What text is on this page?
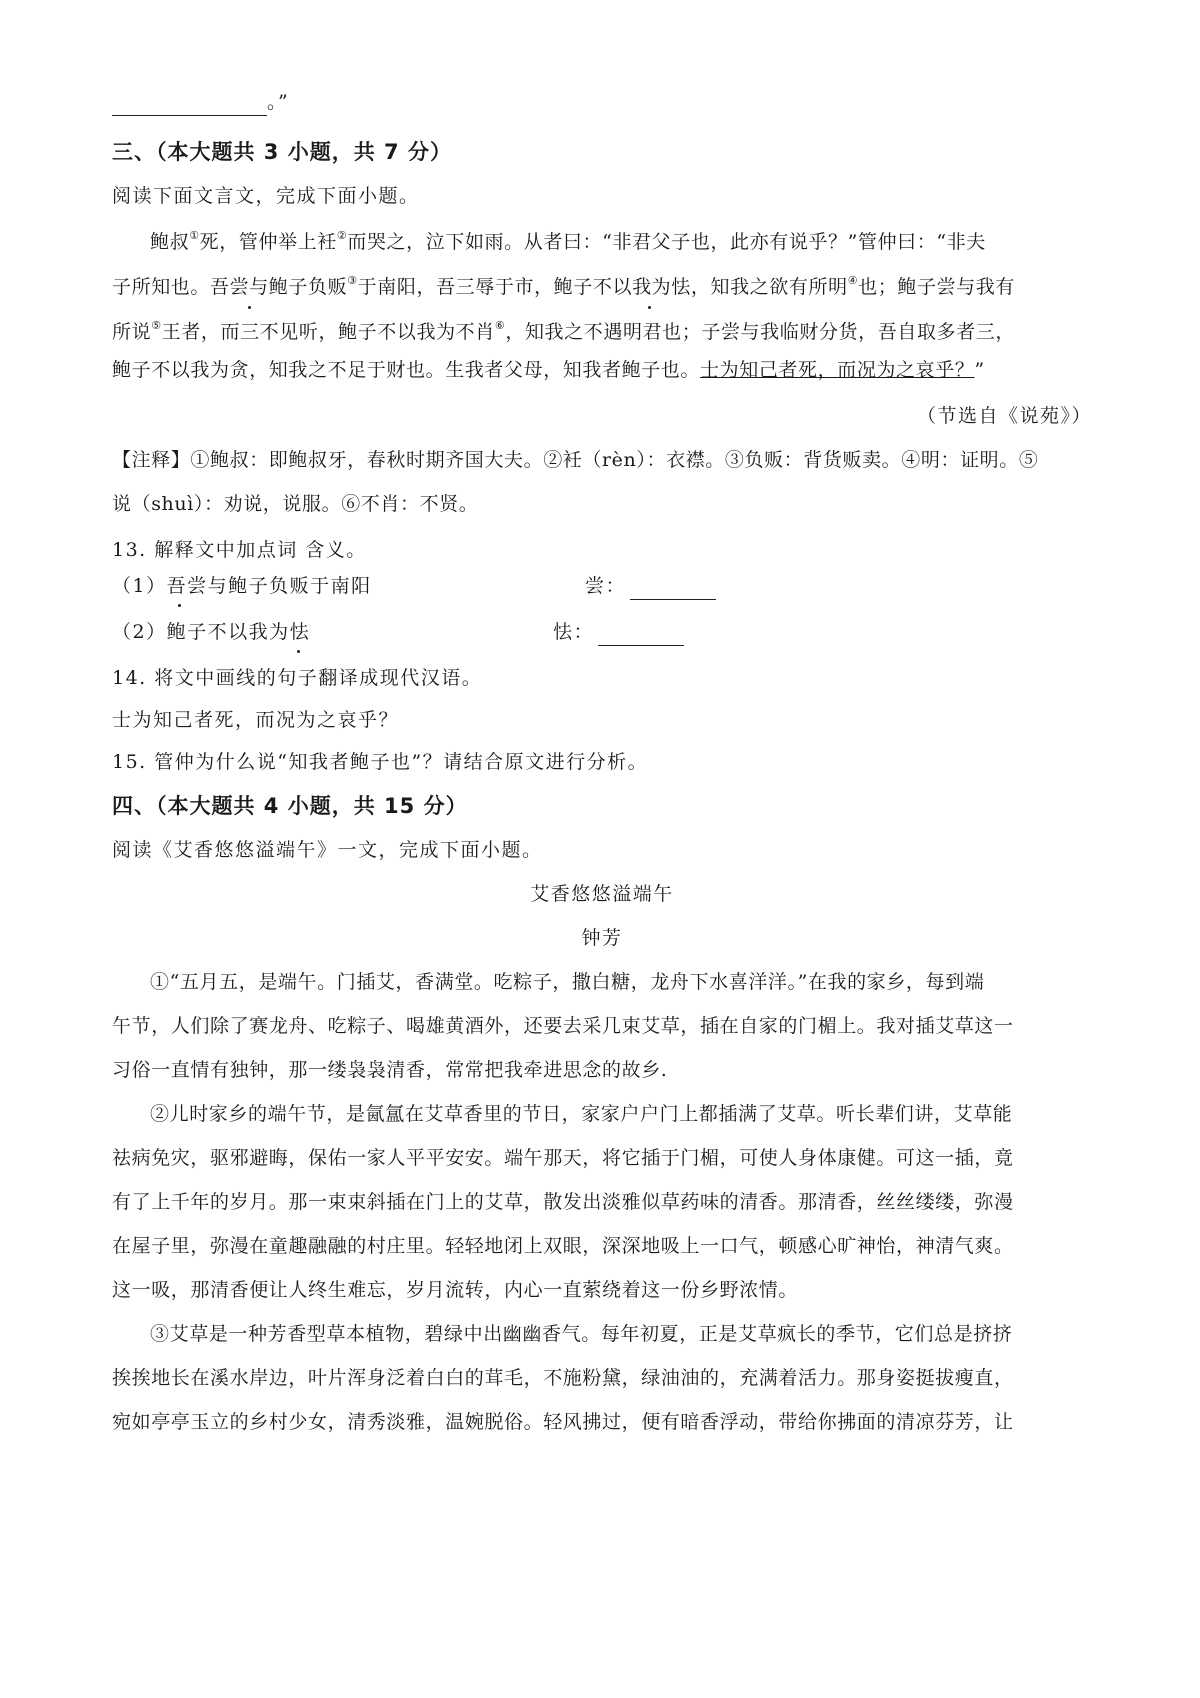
。”
三、（本大题共 3 小题，共 7 分）
阅读下面文言文，完成下面小题。
鲍叔①死，管仲举上衽②而哭之，泣下如雨。从者曰：“非君父子也，此亦有说乎？”管仲曰：“非夫
子所知也。吾尝与鲍子负贩③于南阳，吾三辱于市，鲍子不以我为怯，知我之欲有所明④也；鲍子尝与我有
所说⑤王者，而三不见听，鲍子不以我为不肖⑥，知我之不遇明君也；子尝与我临财分货，吾自取多者三，
鲍子不以我为贪，知我之不足于财也。生我者父母，知我者鲍子也。士为知己者死，而况为之哀乎？”
（节选自《说苑》）
【注释】①鲍叔：即鲍叔牙，春秋时期齐国大夫。②衽（rèn）：衣襟。③负贩：背货贩卖。④明：证明。⑤
说（shuì）：劝说，说服。⑥不肖：不贤。
13. 解释文中加点词 含义。
（1）吾尝与鲍子负贩于南阳	尝：
（2）鲍子不以我为怯	怯：
14. 将文中画线的句子翻译成现代汉语。
士为知己者死，而况为之哀乎？
15. 管仲为什么说“知我者鲍子也”？请结合原文进行分析。
四、（本大题共 4 小题，共 15 分）
阅读《艾香悠悠溢端午》一文，完成下面小题。
艾香悠悠溢端午
钟芳
①“五月五，是端午。门插艾，香满堂。吃粽子，撒白糖，龙舟下水喜洋洋。”在我的家乡，每到端
午节，人们除了赛龙舟、吃粽子、喝雄黄酒外，还要去采几束艾草，插在自家的门楣上。我对插艾草这一
习俗一直情有独钟，那一缕袅袅清香，常常把我牵进思念的故乡.
②儿时家乡的端午节，是氤氲在艾草香里的节日，家家户户门上都插满了艾草。听长辈们讲，艾草能
祛病免灾，驱邪避晦，保佑一家人平平安安。端午那天，将它插于门楣，可使人身体康健。可这一插，竟
有了上千年的岁月。那一束束斜插在门上的艾草，散发出淡雅似草药味的清香。那清香，丝丝缕缕，弥漫
在屋子里，弥漫在童趣融融的村庄里。轻轻地闭上双眼，深深地吸上一口气，顿感心旷神怡，神清气爽。
这一吸，那清香便让人终生难忘，岁月流转，内心一直萦绕着这一份乡野浓情。
③艾草是一种芳香型草本植物，碧绿中出幽幽香气。每年初夏，正是艾草疯长的季节，它们总是挤挤
挨挨地长在溪水岸边，叶片浑身泛着白白的茸毛，不施粉黛，绿油油的，充满着活力。那身姿挺拔瘦直，
宛如亭亭玉立的乡村少女，清秀淡雅，温婉脱俗。轻风拂过，便有暗香浮动，带给你拂面的清凉芬芳，让
